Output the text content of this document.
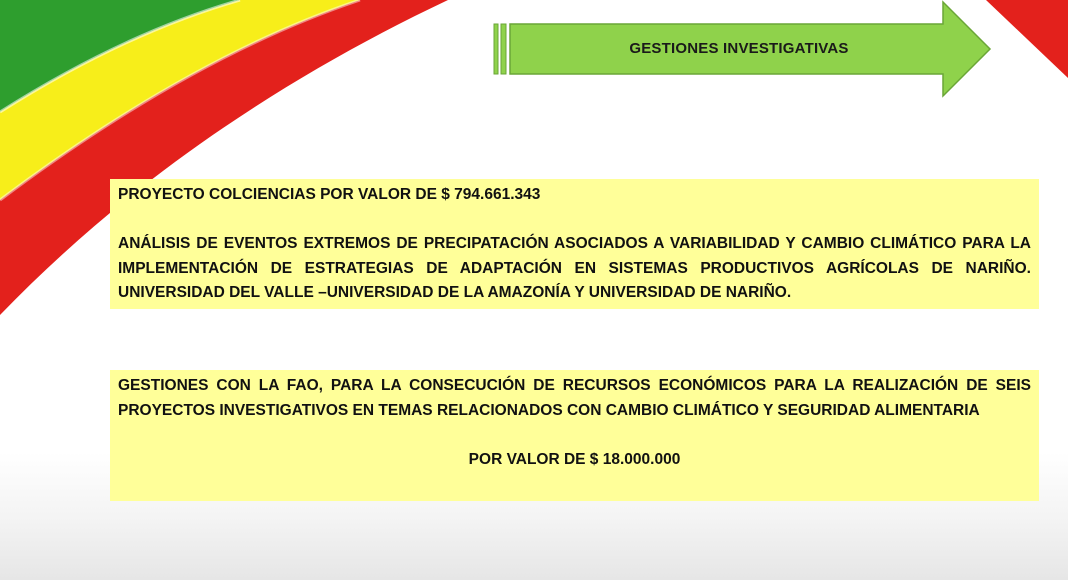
GESTIONES INVESTIGATIVAS

PROYECTO COLCIENCIAS POR VALOR DE $ 794.661.343

ANÁLISIS DE EVENTOS EXTREMOS DE PRECIPATACIÓN ASOCIADOS A VARIABILIDAD Y CAMBIO CLIMÁTICO PARA LA IMPLEMENTACIÓN DE ESTRATEGIAS DE ADAPTACIÓN EN SISTEMAS PRODUCTIVOS AGRÍCOLAS DE NARIÑO. UNIVERSIDAD DEL VALLE –UNIVERSIDAD DE LA AMAZONÍA Y UNIVERSIDAD DE NARIÑO.

GESTIONES CON LA FAO, PARA LA CONSECUCIÓN DE RECURSOS ECONÓMICOS PARA LA REALIZACIÓN DE SEIS PROYECTOS INVESTIGATIVOS EN TEMAS RELACIONADOS CON CAMBIO CLIMÁTICO Y SEGURIDAD ALIMENTARIA

POR VALOR DE $ 18.000.000
